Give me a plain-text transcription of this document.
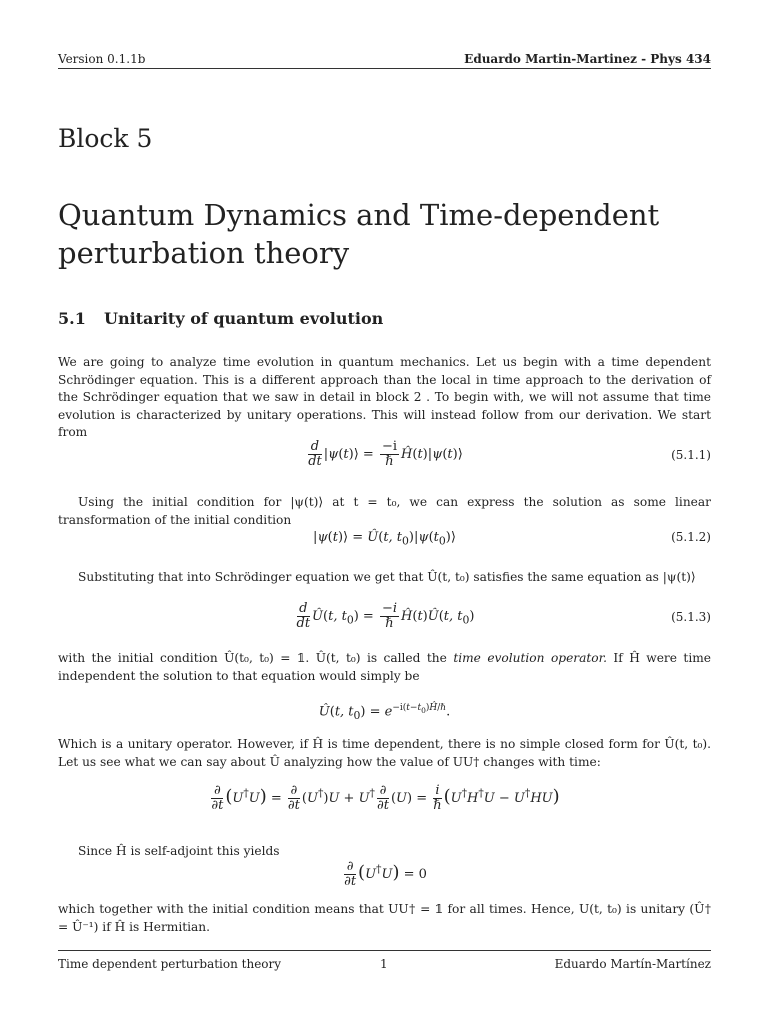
Version 0.1.1b	Eduardo Martin-Martinez - Phys 434
Block 5
Quantum Dynamics and Time-dependent
perturbation theory
5.1 Unitarity of quantum evolution

We are going to analyze time evolution in quantum mechanics. Let us begin with a time dependent Schrödinger equation. This is a different approach than the local in time approach to the derivation of the Schrödinger equation that we saw in detail in block 2 . To begin with, we will not assume that time evolution is characterized by unitary operations. This will instead follow from our derivation. We start from

$\frac{d}{dt}$ |ψ(t)⟩ = $\frac{-i}{\text{ℏ}}$ Ĥ(t)|ψ(t)⟩	(5.1.1)

Using the initial condition for |ψ(t)⟩ at t = t₀, we can express the solution as some linear transformation of the initial condition

|ψ(t)⟩ = Û(t, $t_0)|\psi(t_0)⟩$	(5.1.2)

Substituting that into Schrödinger equation we get that Û(t, t₀) satisfies the same equation as |ψ(t)⟩

$\frac{d}{dt}$ Û(t, $t_0) = \frac{-i}{\text{ℏ}}$ Ĥ(t)Û(t, $t_0$)	(5.1.3)

with the initial condition Û(t₀, t₀) = 𝟙. Û(t, t₀) is called the time evolution operator. If Ĥ were time independent the solution to that equation would simply be

Û(t, $t_0) = e^{-i(t-t_0)Ĥ/\hbar}$.

Which is a unitary operator. However, if Ĥ is time dependent, there is no simple closed form for Û(t, t₀). Let us see what we can say about Û analyzing how the value of UU† changes with time:

$\frac{\partial}{\partial t} (U^\dagger U) = \frac{\partial}{\partial t} (U^\dagger)U + U^\dagger \frac{\partial}{\partial t} (U) = \frac{i}{\text{ℏ}} (U^\dagger H^\dagger U - U^\dagger HU)$

Since Ĥ is self-adjoint this yields

$\frac{\partial}{\partial t} (U^\dagger U) = 0$

which together with the initial condition means that UU† = 𝟙 for all times. Hence, U(t, t₀) is unitary (Û† = Û⁻¹) if Ĥ is Hermitian.

Time dependent perturbation theory	1	Eduardo Martín-Martínez
